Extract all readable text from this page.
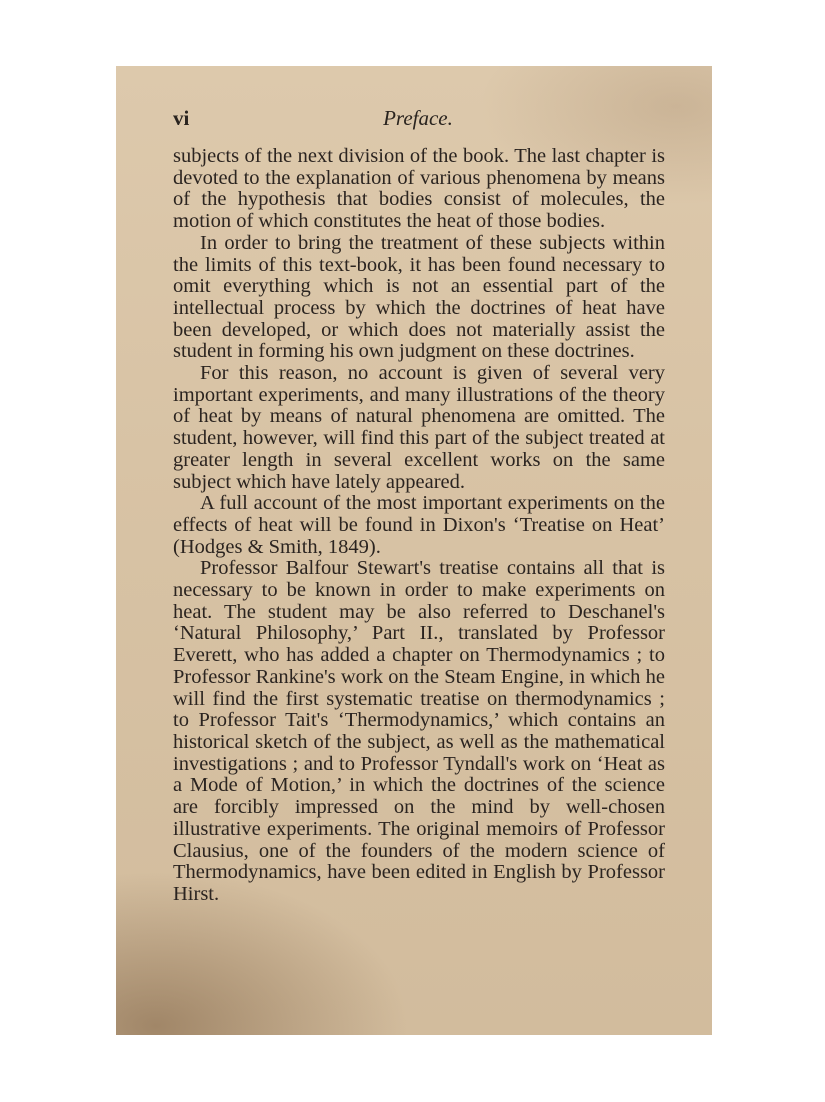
vi	Preface.

subjects of the next division of the book. The last chapter is devoted to the explanation of various phenomena by means of the hypothesis that bodies consist of molecules, the motion of which constitutes the heat of those bodies.

In order to bring the treatment of these subjects within the limits of this text-book, it has been found necessary to omit everything which is not an essential part of the intellectual process by which the doctrines of heat have been developed, or which does not materially assist the student in forming his own judgment on these doctrines.

For this reason, no account is given of several very important experiments, and many illustrations of the theory of heat by means of natural phenomena are omitted. The student, however, will find this part of the subject treated at greater length in several excellent works on the same subject which have lately appeared.

A full account of the most important experiments on the effects of heat will be found in Dixon's ‘Treatise on Heat’ (Hodges & Smith, 1849).

Professor Balfour Stewart's treatise contains all that is necessary to be known in order to make experiments on heat. The student may be also referred to Deschanel's ‘Natural Philosophy,’ Part II., translated by Professor Everett, who has added a chapter on Thermodynamics ; to Professor Rankine's work on the Steam Engine, in which he will find the first systematic treatise on thermodynamics ; to Professor Tait's ‘Thermodynamics,’ which contains an historical sketch of the subject, as well as the mathematical investigations ; and to Professor Tyndall's work on ‘Heat as a Mode of Motion,’ in which the doctrines of the science are forcibly impressed on the mind by well-chosen illustrative experiments. The original memoirs of Professor Clausius, one of the founders of the modern science of Thermodynamics, have been edited in English by Professor Hirst.
